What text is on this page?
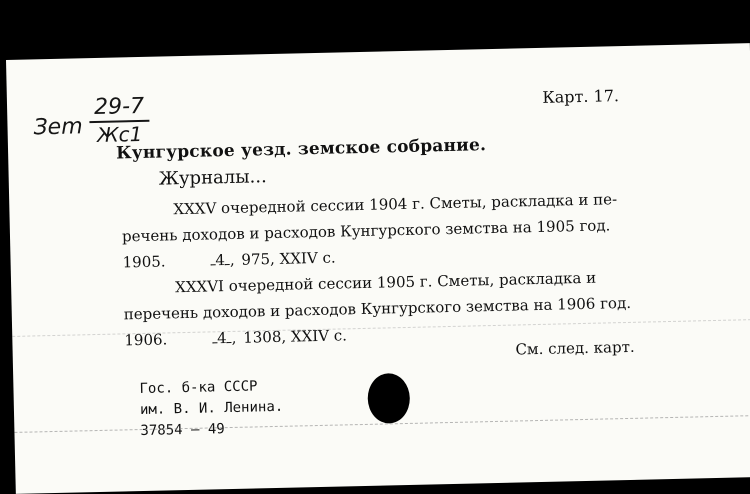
Зem
29-7
Жс1
Карт. 17.
Кунгурское уезд. земское собрание.
Журналы...

XXXV очередной сессии 1904 г. Сметы, раскладка и пе-

речень доходов и расходов Кунгурского земства на 1905 год.

1905.	4 , 975, XXIV с.

XXXVI очередной сессии 1905 г. Сметы, раскладка и

перечень доходов и расходов Кунгурского земства на 1906 год.

1906.	4 , 1308, XXIV с.

См. след. карт.
Гос. б-ка СССР
им. В. И. Ленина.
37854 — 49
